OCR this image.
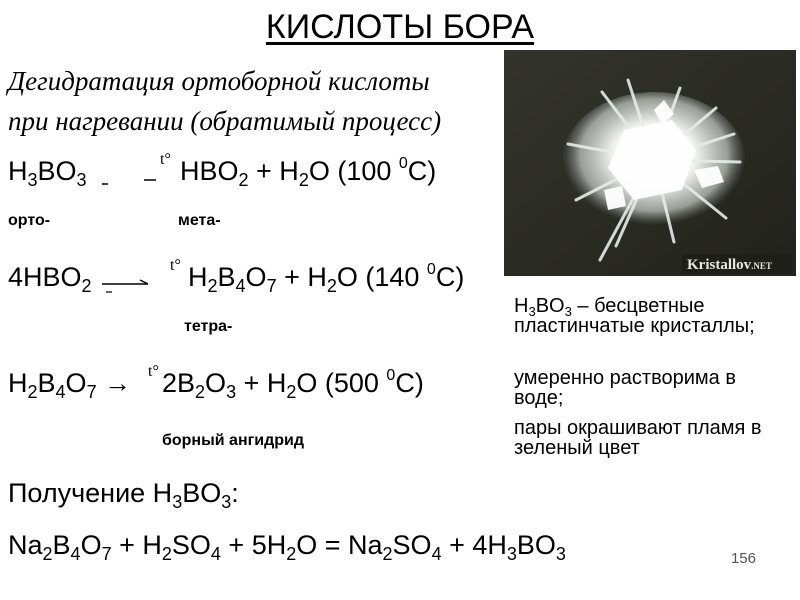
КИСЛОТЫ БОРА
Дегидратация ортоборной кислоты
при нагревании (обратимый процесс)
$H_3BO_3$
t° $HBO_2 + H_2O$ (100 $^0$C)
орто-	мета-
$4HBO_2$
t° $H_2B_4O_7 + H_2O$ (140 $^0$C)
тетра-
$H_2B_4O_7 \to t^\circ$ $2B_2O_3 + H_2O$ (500 $^0$C)
борный ангидрид
Получение $H_3BO_3$:
$Na_2B_4O_7 + H_2SO_4 + 5H_2O = Na_2SO_4 + 4H_3BO_3$
Kristallov.NET
$H_3BO_3$ – бесцветные пластинчатые кристаллы;
умеренно растворима в воде;
пары окрашивают пламя в зеленый цвет
156
